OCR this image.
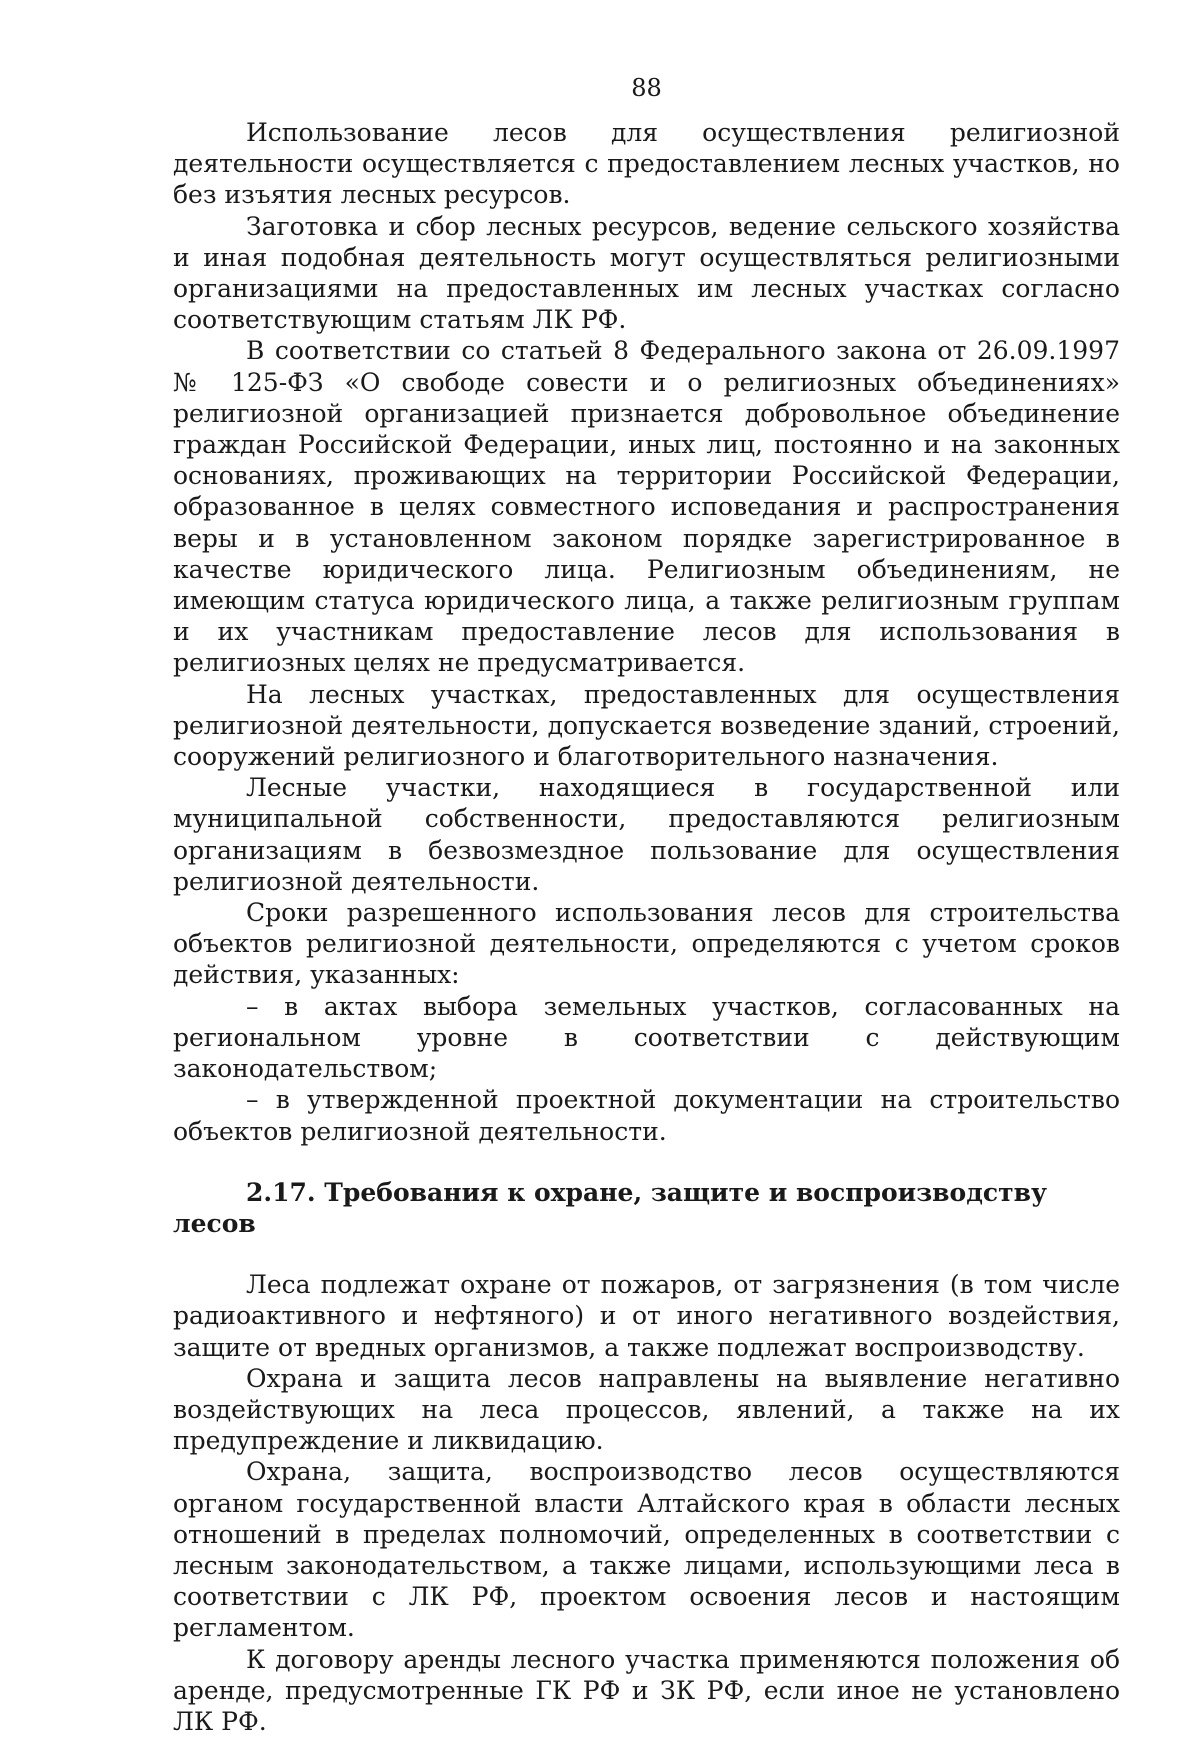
88

Использование лесов для осуществления религиозной деятельности осуществляется с предоставлением лесных участков, но без изъятия лесных ресурсов.

Заготовка и сбор лесных ресурсов, ведение сельского хозяйства и иная подобная деятельность могут осуществляться религиозными организациями на предоставленных им лесных участках согласно соответствующим статьям ЛК РФ.

В соответствии со статьей 8 Федерального закона от 26.09.1997 № 125-ФЗ «О свободе совести и о религиозных объединениях» религиозной организацией признается добровольное объединение граждан Российской Федерации, иных лиц, постоянно и на законных основаниях, проживающих на территории Российской Федерации, образованное в целях совместного исповедания и распространения веры и в установленном законом порядке зарегистрированное в качестве юридического лица. Религиозным объединениям, не имеющим статуса юридического лица, а также религиозным группам и их участникам предоставление лесов для использования в религиозных целях не предусматривается.

На лесных участках, предоставленных для осуществления религиозной деятельности, допускается возведение зданий, строений, сооружений религиозного и благотворительного назначения.

Лесные участки, находящиеся в государственной или муниципальной собственности, предоставляются религиозным организациям в безвозмездное пользование для осуществления религиозной деятельности.

Сроки разрешенного использования лесов для строительства объектов религиозной деятельности, определяются с учетом сроков действия, указанных:

– в актах выбора земельных участков, согласованных на региональном уровне в соответствии с действующим законодательством;

– в утвержденной проектной документации на строительство объектов религиозной деятельности.

2.17. Требования к охране, защите и воспроизводству лесов

Леса подлежат охране от пожаров, от загрязнения (в том числе радиоактивного и нефтяного) и от иного негативного воздействия, защите от вредных организмов, а также подлежат воспроизводству.

Охрана и защита лесов направлены на выявление негативно воздействующих на леса процессов, явлений, а также на их предупреждение и ликвидацию.

Охрана, защита, воспроизводство лесов осуществляются органом государственной власти Алтайского края в области лесных отношений в пределах полномочий, определенных в соответствии с лесным законодательством, а также лицами, использующими леса в соответствии с ЛК РФ, проектом освоения лесов и настоящим регламентом.

К договору аренды лесного участка применяются положения об аренде, предусмотренные ГК РФ и ЗК РФ, если иное не установлено ЛК РФ.
